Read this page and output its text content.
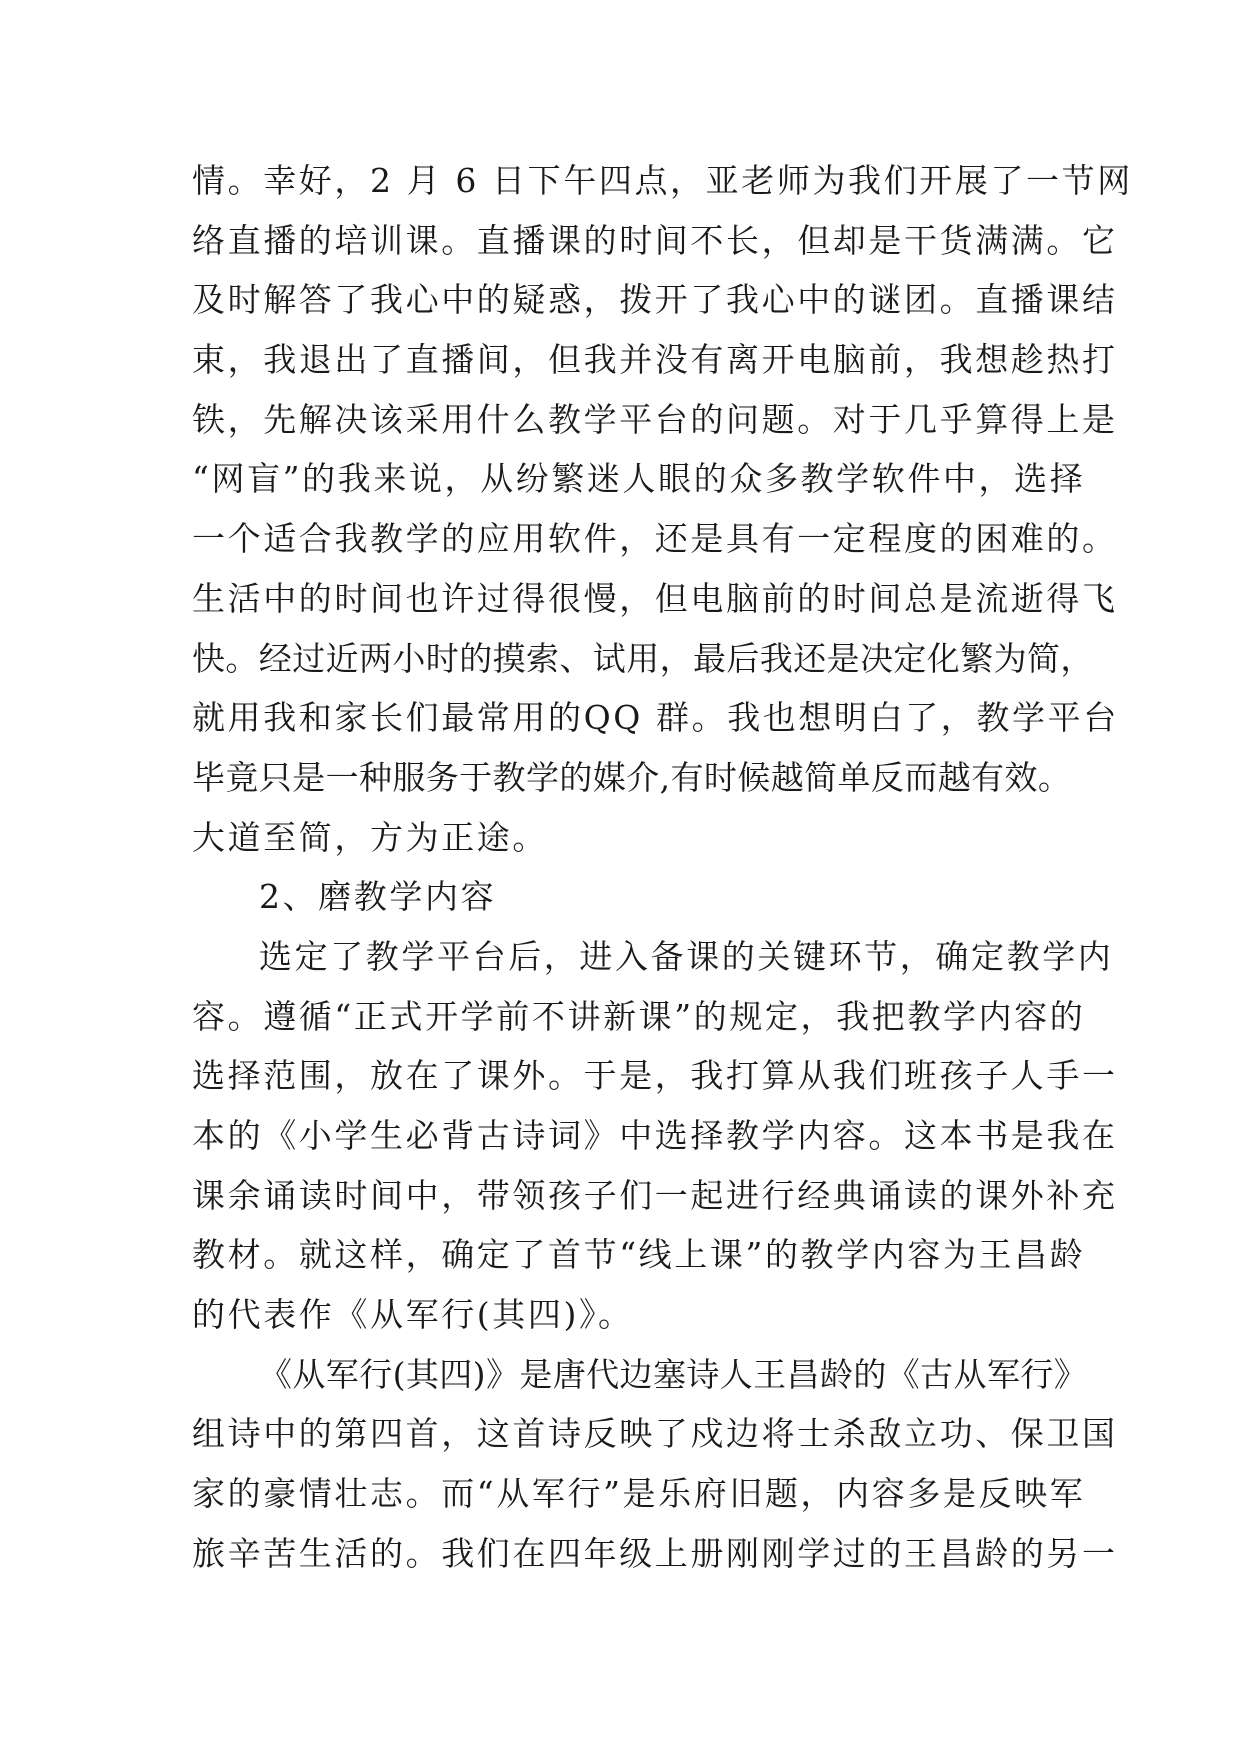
情。幸好，2 月 6 日下午四点，亚老师为我们开展了一节网
络直播的培训课。直播课的时间不长，但却是干货满满。它
及时解答了我心中的疑惑，拨开了我心中的谜团。直播课结
束，我退出了直播间，但我并没有离开电脑前，我想趁热打
铁，先解决该采用什么教学平台的问题。对于几乎算得上是
“网盲”的我来说，从纷繁迷人眼的众多教学软件中，选择
一个适合我教学的应用软件，还是具有一定程度的困难的。
生活中的时间也许过得很慢，但电脑前的时间总是流逝得飞
快。经过近两小时的摸索、试用，最后我还是决定化繁为简，
就用我和家长们最常用的QQ 群。我也想明白了，教学平台
毕竟只是一种服务于教学的媒介,有时候越简单反而越有效。
大道至简，方为正途。
2、磨教学内容
选定了教学平台后，进入备课的关键环节，确定教学内
容。遵循“正式开学前不讲新课”的规定，我把教学内容的
选择范围，放在了课外。于是，我打算从我们班孩子人手一
本的《小学生必背古诗词》中选择教学内容。这本书是我在
课余诵读时间中，带领孩子们一起进行经典诵读的课外补充
教材。就这样，确定了首节“线上课”的教学内容为王昌龄
的代表作《从军行(其四)》。
《从军行(其四)》是唐代边塞诗人王昌龄的《古从军行》
组诗中的第四首，这首诗反映了戍边将士杀敌立功、保卫国
家的豪情壮志。而“从军行”是乐府旧题，内容多是反映军
旅辛苦生活的。我们在四年级上册刚刚学过的王昌龄的另一
